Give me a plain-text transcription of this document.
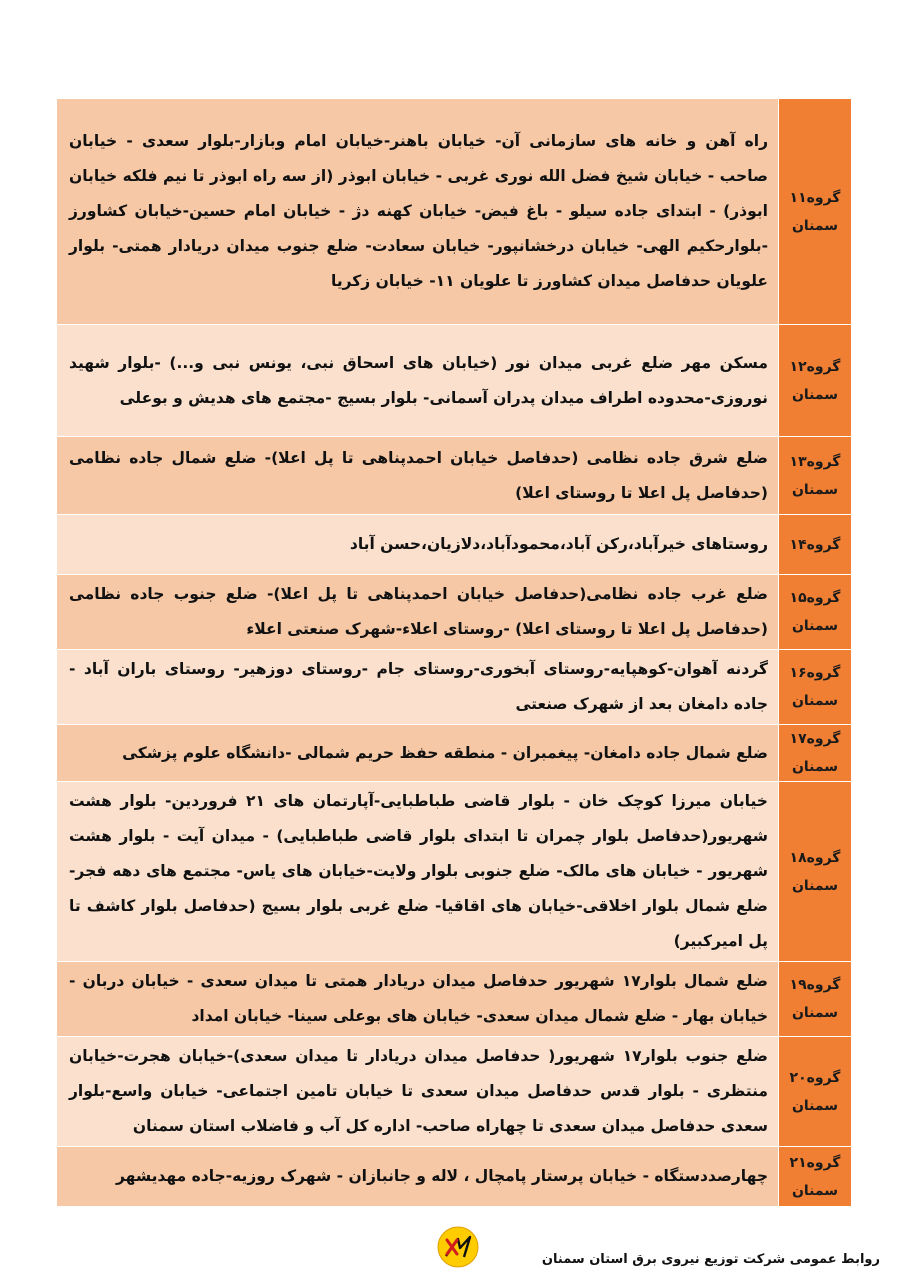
گروه۱۱
سمنان	راه آهن و خانه های سازمانی آن- خیابان باهنر-خیابان امام وبازار-بلوار سعدی - خیابان صاحب - خیابان شیخ فضل الله نوری غربی - خیابان ابوذر (از سه راه ابوذر تا نیم فلکه خیابان ابوذر) - ابتدای جاده سیلو - باغ فیض- خیابان کهنه دژ - خیابان امام حسین-خیابان کشاورز -بلوارحکیم الهی- خیابان درخشانپور- خیابان سعادت- ضلع جنوب میدان دریادار همتی- بلوار علویان حدفاصل میدان کشاورز تا علویان ۱۱- خیابان زکریا

گروه۱۲
سمنان	مسکن مهر ضلع غربی میدان نور (خیابان های اسحاق نبی، یونس نبی و...) -بلوار شهید نوروزی-محدوده اطراف میدان پدران آسمانی- بلوار بسیج -مجتمع های هدیش و بوعلی

گروه۱۳
سمنان	ضلع شرق جاده نظامی (حدفاصل خیابان احمدپناهی تا پل اعلا)- ضلع شمال جاده نظامی (حدفاصل پل اعلا تا روستای اعلا)

گروه۱۴	روستاهای خیرآباد،رکن آباد،محمودآباد،دلازیان،حسن آباد

گروه۱۵
سمنان	ضلع غرب جاده نظامی(حدفاصل خیابان احمدپناهی تا پل اعلا)- ضلع جنوب جاده نظامی (حدفاصل پل اعلا تا روستای اعلا) -روستای اعلاء-شهرک صنعتی اعلاء

گروه۱۶
سمنان	گردنه آهوان-کوهپایه-روستای آبخوری-روستای جام -روستای دوزهیر- روستای باران آباد - جاده دامغان بعد از شهرک صنعتی

گروه۱۷
سمنان	ضلع شمال جاده دامغان- پیغمبران - منطقه حفظ حریم شمالی -دانشگاه علوم پزشکی

گروه۱۸
سمنان	خیابان میرزا کوچک خان - بلوار قاضی طباطبایی-آپارتمان های ۲۱ فروردین- بلوار هشت شهریور(حدفاصل بلوار چمران تا ابتدای بلوار قاضی طباطبایی) - میدان آیت - بلوار هشت شهریور - خیابان های مالک- ضلع جنوبی بلوار ولایت-خیابان های یاس- مجتمع های دهه فجر-ضلع شمال بلوار اخلاقی-خیابان های اقاقیا- ضلع غربی بلوار بسیج (حدفاصل بلوار کاشف تا پل امیرکبیر)

گروه۱۹
سمنان	ضلع شمال بلوار۱۷ شهریور حدفاصل میدان دریادار همتی تا میدان سعدی - خیابان دربان - خیابان بهار - ضلع شمال میدان سعدی- خیابان های بوعلی سینا- خیابان امداد

گروه۲۰
سمنان	ضلع جنوب بلوار۱۷ شهریور( حدفاصل میدان دریادار تا میدان سعدی)-خیابان هجرت-خیابان منتظری - بلوار قدس حدفاصل میدان سعدی تا خیابان تامین اجتماعی- خیابان واسع-بلوار سعدی حدفاصل میدان سعدی تا چهاراه صاحب- اداره کل آب و فاضلاب استان سمنان

گروه۲۱
سمنان	چهارصددستگاه - خیابان پرستار پامچال ، لاله و جانبازان - شهرک روزیه-جاده مهدیشهر
روابط عمومی شرکت توزیع نیروی برق استان سمنان
